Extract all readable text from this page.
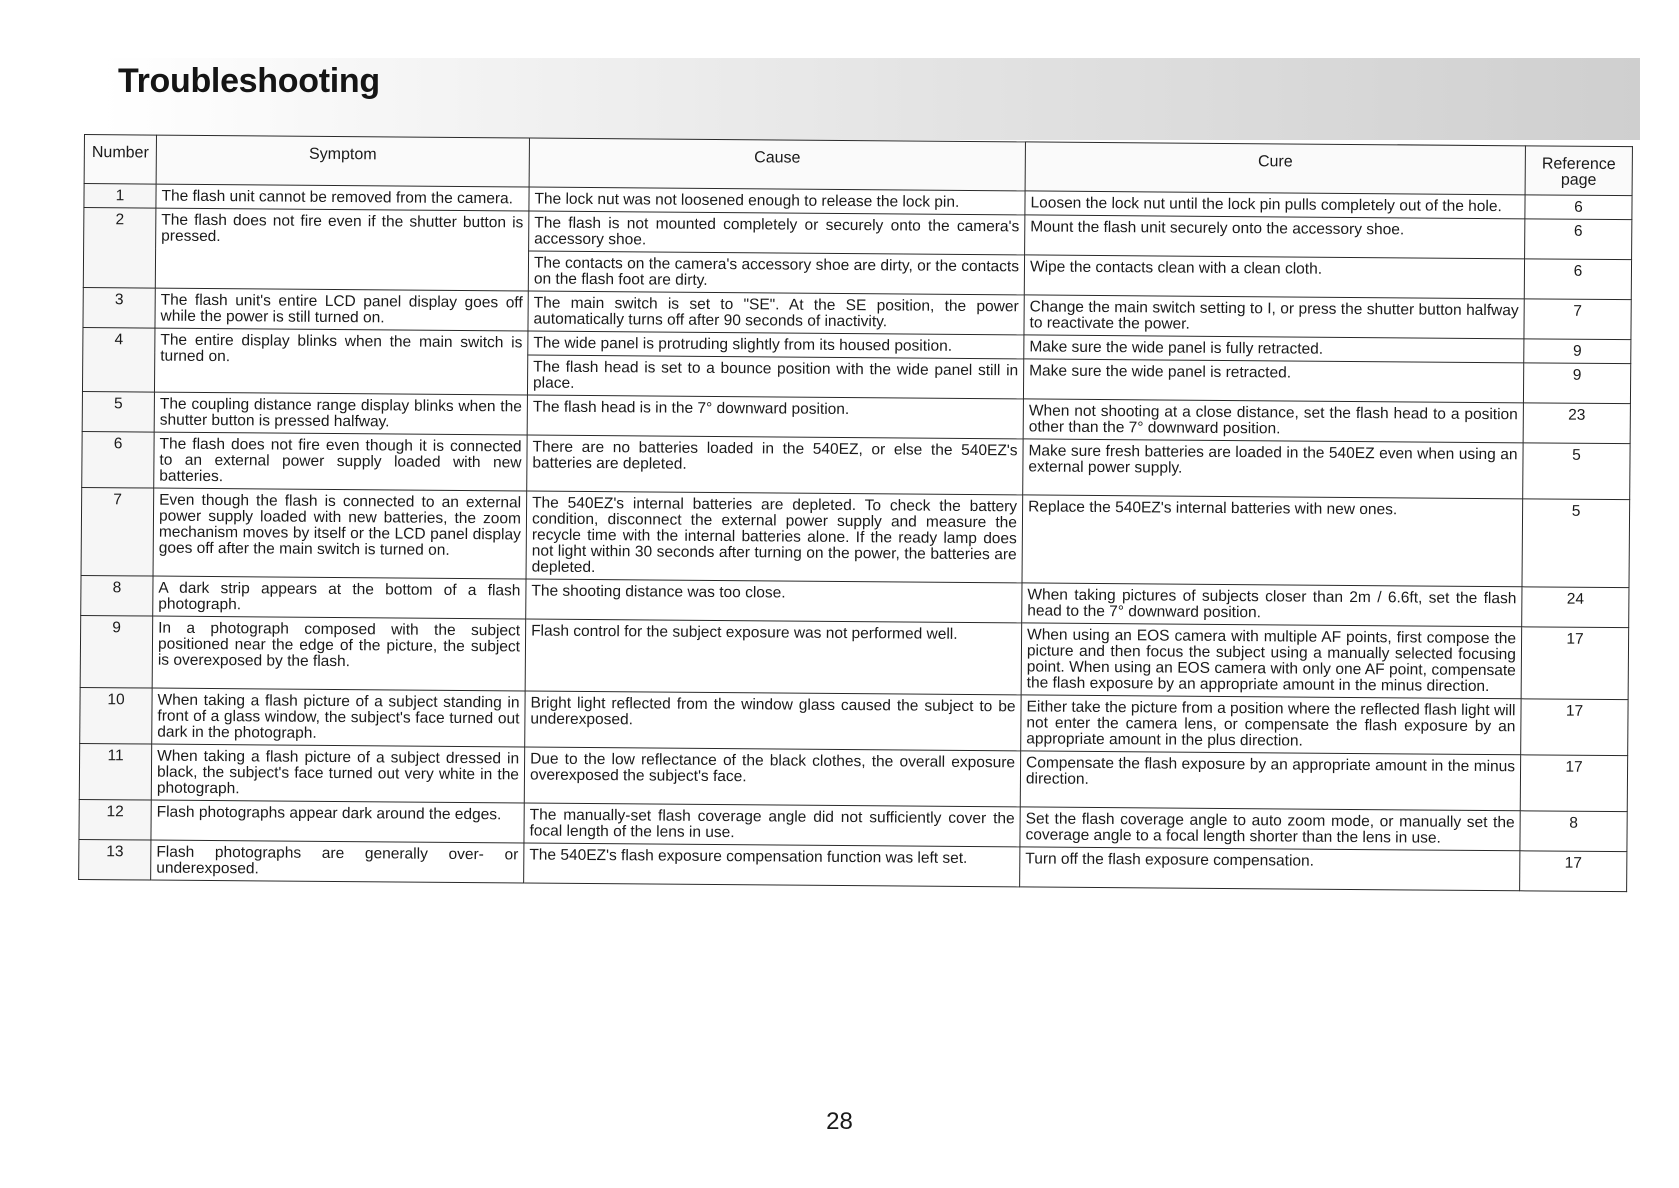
Troubleshooting
Number	Symptom	Cause	Cure	Reference page
1	The flash unit cannot be removed from the camera.	The lock nut was not loosened enough to release the lock pin.	Loosen the lock nut until the lock pin pulls completely out of the hole.	6
2	The flash does not fire even if the shutter button is pressed.	The flash is not mounted completely or securely onto the camera's accessory shoe.	Mount the flash unit securely onto the accessory shoe.	6
		The contacts on the camera's accessory shoe are dirty, or the contacts on the flash foot are dirty.	Wipe the contacts clean with a clean cloth.	6
3	The flash unit's entire LCD panel display goes off while the power is still turned on.	The main switch is set to "SE". At the SE position, the power automatically turns off after 90 seconds of inactivity.	Change the main switch setting to I, or press the shutter button halfway to reactivate the power.	7
4	The entire display blinks when the main switch is turned on.	The wide panel is protruding slightly from its housed position.	Make sure the wide panel is fully retracted.	9
		The flash head is set to a bounce position with the wide panel still in place.	Make sure the wide panel is retracted.	9
5	The coupling distance range display blinks when the shutter button is pressed halfway.	The flash head is in the 7° downward position.	When not shooting at a close distance, set the flash head to a position other than the 7° downward position.	23
6	The flash does not fire even though it is connected to an external power supply loaded with new batteries.	There are no batteries loaded in the 540EZ, or else the 540EZ's batteries are depleted.	Make sure fresh batteries are loaded in the 540EZ even when using an external power supply.	5
7	Even though the flash is connected to an external power supply loaded with new batteries, the zoom mechanism moves by itself or the LCD panel display goes off after the main switch is turned on.	The 540EZ's internal batteries are depleted. To check the battery condition, disconnect the external power supply and measure the recycle time with the internal batteries alone. If the ready lamp does not light within 30 seconds after turning on the power, the batteries are depleted.	Replace the 540EZ's internal batteries with new ones.	5
8	A dark strip appears at the bottom of a flash photograph.	The shooting distance was too close.	When taking pictures of subjects closer than 2m / 6.6ft, set the flash head to the 7° downward position.	24
9	In a photograph composed with the subject positioned near the edge of the picture, the subject is overexposed by the flash.	Flash control for the subject exposure was not performed well.	When using an EOS camera with multiple AF points, first compose the picture and then focus the subject using a manually selected focusing point. When using an EOS camera with only one AF point, compensate the flash exposure by an appropriate amount in the minus direction.	17
10	When taking a flash picture of a subject standing in front of a glass window, the subject's face turned out dark in the photograph.	Bright light reflected from the window glass caused the subject to be underexposed.	Either take the picture from a position where the reflected flash light will not enter the camera lens, or compensate the flash exposure by an appropriate amount in the plus direction.	17
11	When taking a flash picture of a subject dressed in black, the subject's face turned out very white in the photograph.	Due to the low reflectance of the black clothes, the overall exposure overexposed the subject's face.	Compensate the flash exposure by an appropriate amount in the minus direction.	17
12	Flash photographs appear dark around the edges.	The manually-set flash coverage angle did not sufficiently cover the focal length of the lens in use.	Set the flash coverage angle to auto zoom mode, or manually set the coverage angle to a focal length shorter than the lens in use.	8
13	Flash photographs are generally over- or underexposed.	The 540EZ's flash exposure compensation function was left set.	Turn off the flash exposure compensation.	17
28
